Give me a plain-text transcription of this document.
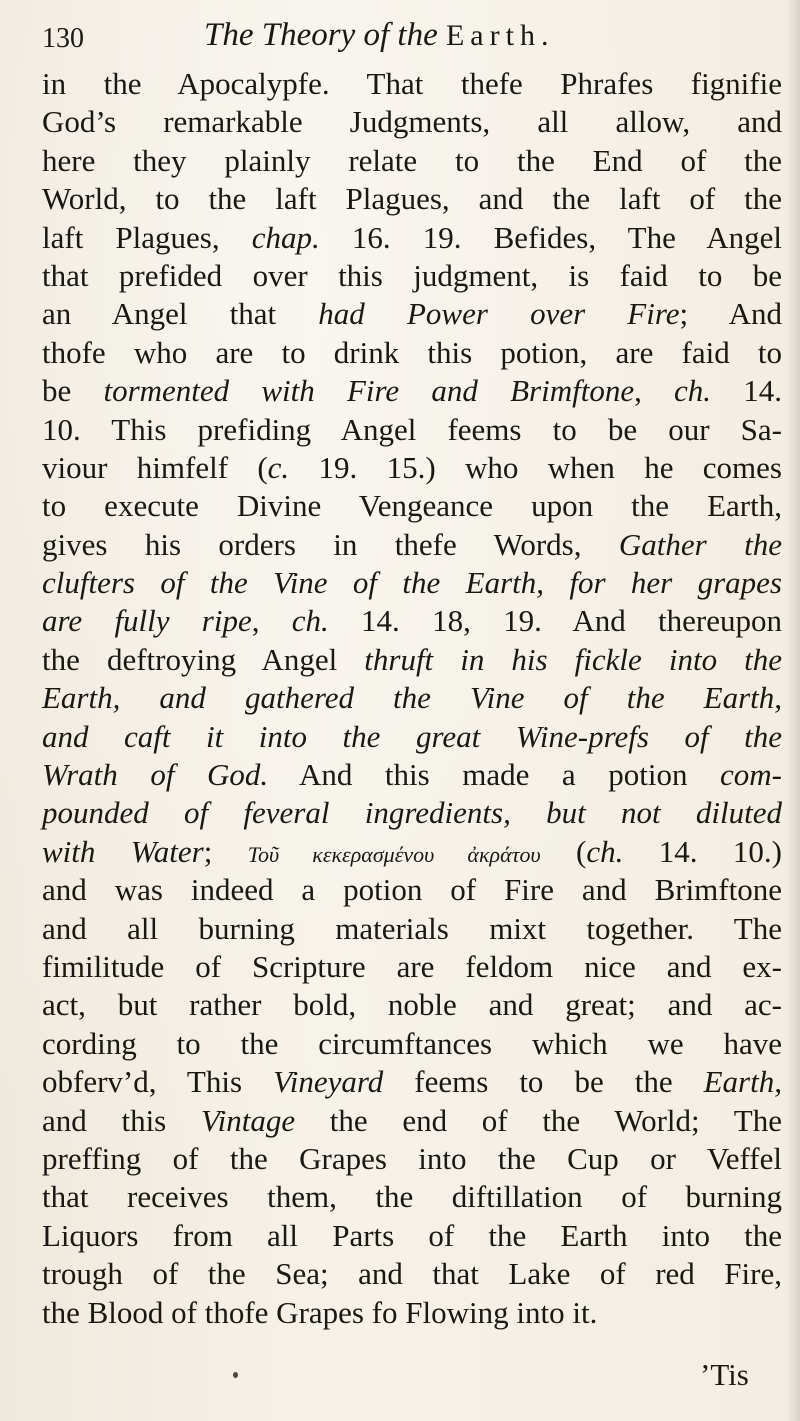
130	The Theory of the Earth.
in the Apocalypfe. That thefe Phrafes fignifie
God’s remarkable Judgments, all allow, and
here they plainly relate to the End of the
World, to the laft Plagues, and the laft of the
laft Plagues, chap. 16. 19. Befides, The Angel
that prefided over this judgment, is faid to be
an Angel that had Power over Fire; And
thofe who are to drink this potion, are faid to
be tormented with Fire and Brimftone, ch. 14.
10. This prefiding Angel feems to be our Sa-
viour himfelf (c. 19. 15.) who when he comes
to execute Divine Vengeance upon the Earth,
gives his orders in thefe Words, Gather the
clufters of the Vine of the Earth, for her grapes
are fully ripe, ch. 14. 18, 19. And thereupon
the deftroying Angel thruft in his fickle into the
Earth, and gathered the Vine of the Earth,
and caft it into the great Wine-prefs of the
Wrath of God. And this made a potion com-
pounded of feveral ingredients, but not diluted
with Water; Τοῦ κεκερασμένου ἀκράτου (ch. 14. 10.)
and was indeed a potion of Fire and Brimftone
and all burning materials mixt together. The
fimilitude of Scripture are feldom nice and ex-
act, but rather bold, noble and great; and ac-
cording to the circumftances which we have
obferv’d, This Vineyard feems to be the Earth,
and this Vintage the end of the World; The
preffing of the Grapes into the Cup or Veffel
that receives them, the diftillation of burning
Liquors from all Parts of the Earth into the
trough of the Sea; and that Lake of red Fire,
the Blood of thofe Grapes fo Flowing into it.
’Tis
